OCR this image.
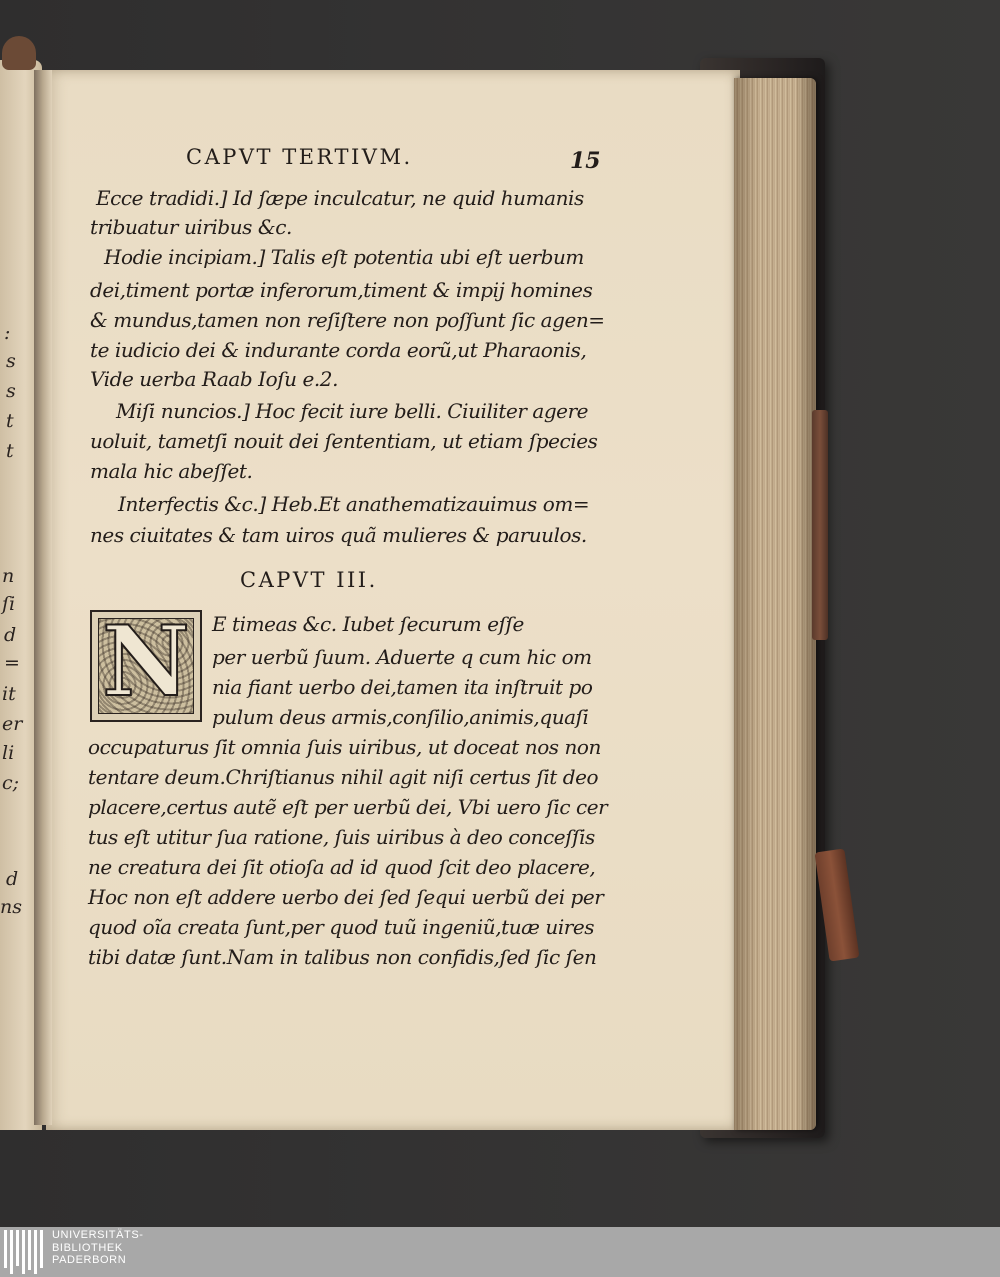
:
s
s
t
t
n
ſi
d
=
it
er
li
c;
d
ns
CAPVT TERTIVM.	15
Ecce tradidi.] Id ſæpe inculcatur, ne quid humanis
tribuatur uiribus &c.
Hodie incipiam.] Talis eſt potentia ubi eſt uerbum
dei,timent portæ inferorum,timent & impij homines
& mundus,tamen non reſiſtere non poſſunt ſic agen=
te iudicio dei & indurante corda eorũ,ut Pharaonis,
Vide uerba Raab Ioſu e.2.
Miſi nuncios.] Hoc fecit iure belli. Ciuiliter agere
uoluit, tametſi nouit dei ſententiam, ut etiam ſpecies
mala hic abeſſet.
Interfectis &c.] Heb.Et anathematizauimus om=
nes ciuitates & tam uiros quã mulieres & paruulos.
CAPVT III.
N	E timeas &c. Iubet ſecurum eſſe
per uerbũ ſuum. Aduerte q cum hic om
nia fiant uerbo dei,tamen ita inſtruit po
pulum deus armis,conſilio,animis,quaſi
occupaturus ſit omnia ſuis uiribus, ut doceat nos non
tentare deum.Chriſtianus nihil agit niſi certus ſit deo
placere,certus autẽ eſt per uerbũ dei, Vbi uero ſic cer
tus eſt utitur ſua ratione, ſuis uiribus à deo conceſſis
ne creatura dei ſit otioſa ad id quod ſcit deo placere,
Hoc non eſt addere uerbo dei ſed ſequi uerbũ dei per
quod oĩa creata ſunt,per quod tuũ ingeniũ,tuæ uires
tibi datæ ſunt.Nam in talibus non confidis,ſed ſic ſen
UNIVERSITÄTS-
BIBLIOTHEK
PADERBORN
